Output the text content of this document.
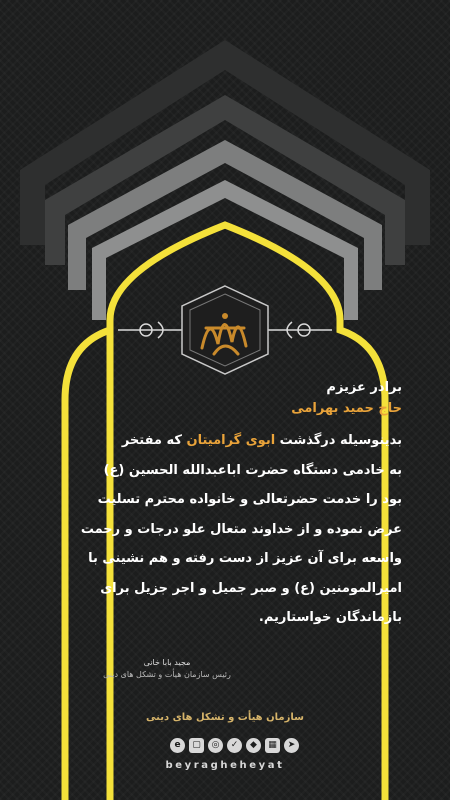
برادر عزیزم
حاج حمید بهرامی
بدینوسیله درگذشت ابوی گرامیتان که مفتخر
به خادمی دستگاه حضرت اباعبدالله الحسین (ع)
بود را خدمت حضرتعالی و خانواده محترم تسلیت
عرض نموده و از خداوند متعال علو درجات و رحمت
واسعه برای آن عزیز از دست رفته و هم نشینی با
امیرالمومنین (ع) و صبر جمیل و اجر جزیل برای
بازماندگان خواستاریم.
مجید بابا خانی
رئیس سازمان هیأت و تشکل های دینی
سازمان هیأت و تشکل های دینی
e	▢	◎	✓	◆	▦	➤
beyragheheyat
